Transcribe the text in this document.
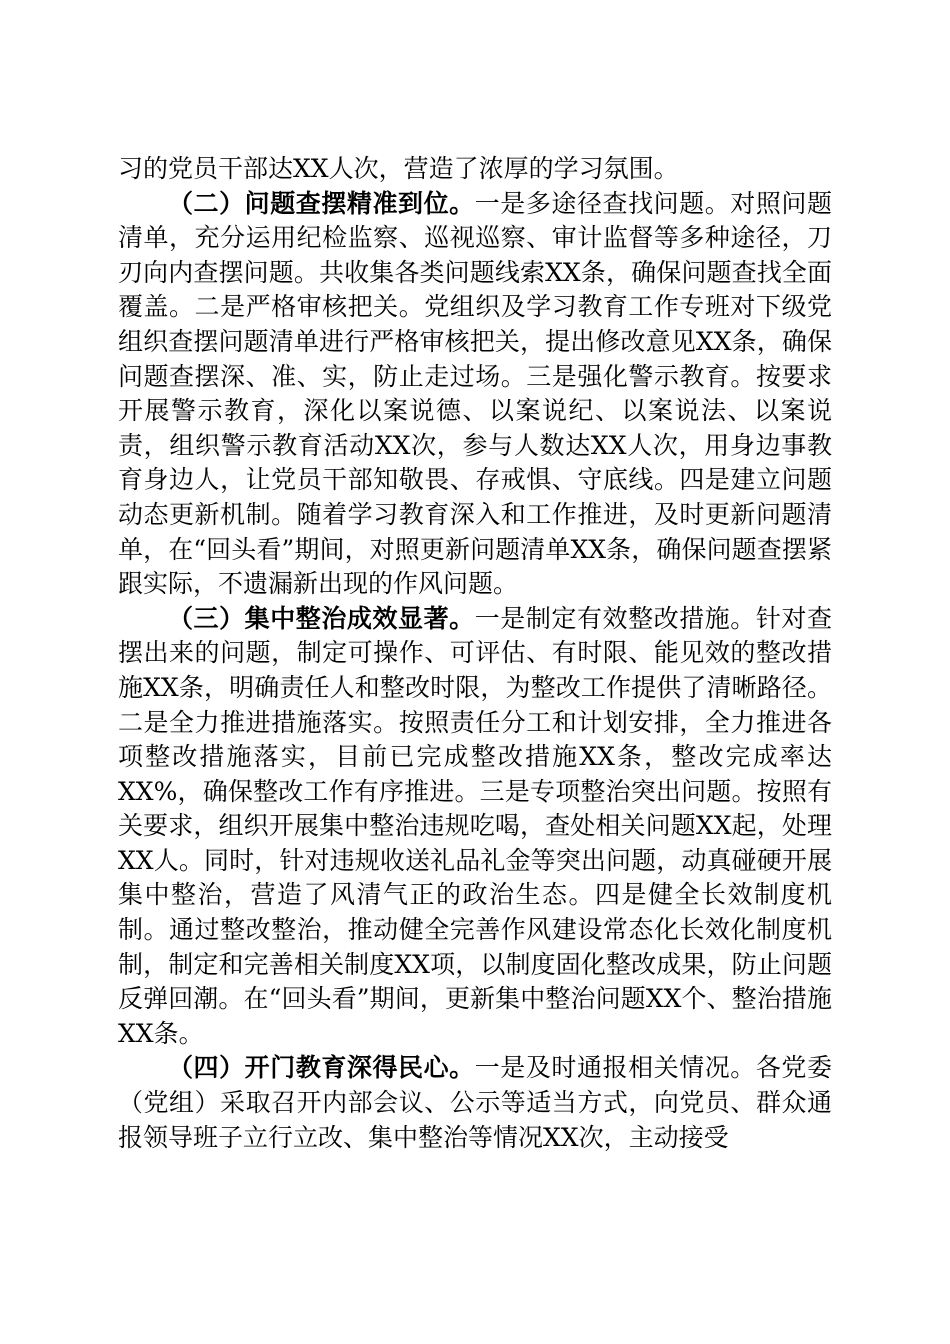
习的党员干部达XX人次，营造了浓厚的学习氛围。

（二）问题查摆精准到位。一是多途径查找问题。对照问题清单，充分运用纪检监察、巡视巡察、审计监督等多种途径，刀刃向内查摆问题。共收集各类问题线索XX条，确保问题查找全面覆盖。二是严格审核把关。党组织及学习教育工作专班对下级党组织查摆问题清单进行严格审核把关，提出修改意见XX条，确保问题查摆深、准、实，防止走过场。三是强化警示教育。按要求开展警示教育，深化以案说德、以案说纪、以案说法、以案说责，组织警示教育活动XX次，参与人数达XX人次，用身边事教育身边人，让党员干部知敬畏、存戒惧、守底线。四是建立问题动态更新机制。随着学习教育深入和工作推进，及时更新问题清单，在“回头看”期间，对照更新问题清单XX条，确保问题查摆紧跟实际，不遗漏新出现的作风问题。

（三）集中整治成效显著。一是制定有效整改措施。针对查摆出来的问题，制定可操作、可评估、有时限、能见效的整改措施XX条，明确责任人和整改时限，为整改工作提供了清晰路径。二是全力推进措施落实。按照责任分工和计划安排，全力推进各项整改措施落实，目前已完成整改措施XX条，整改完成率达XX%，确保整改工作有序推进。三是专项整治突出问题。按照有关要求，组织开展集中整治违规吃喝，查处相关问题XX起，处理XX人。同时，针对违规收送礼品礼金等突出问题，动真碰硬开展集中整治，营造了风清气正的政治生态。四是健全长效制度机制。通过整改整治，推动健全完善作风建设常态化长效化制度机制，制定和完善相关制度XX项，以制度固化整改成果，防止问题反弹回潮。在“回头看”期间，更新集中整治问题XX个、整治措施XX条。

（四）开门教育深得民心。一是及时通报相关情况。各党委（党组）采取召开内部会议、公示等适当方式，向党员、群众通报领导班子立行立改、集中整治等情况XX次，主动接受
